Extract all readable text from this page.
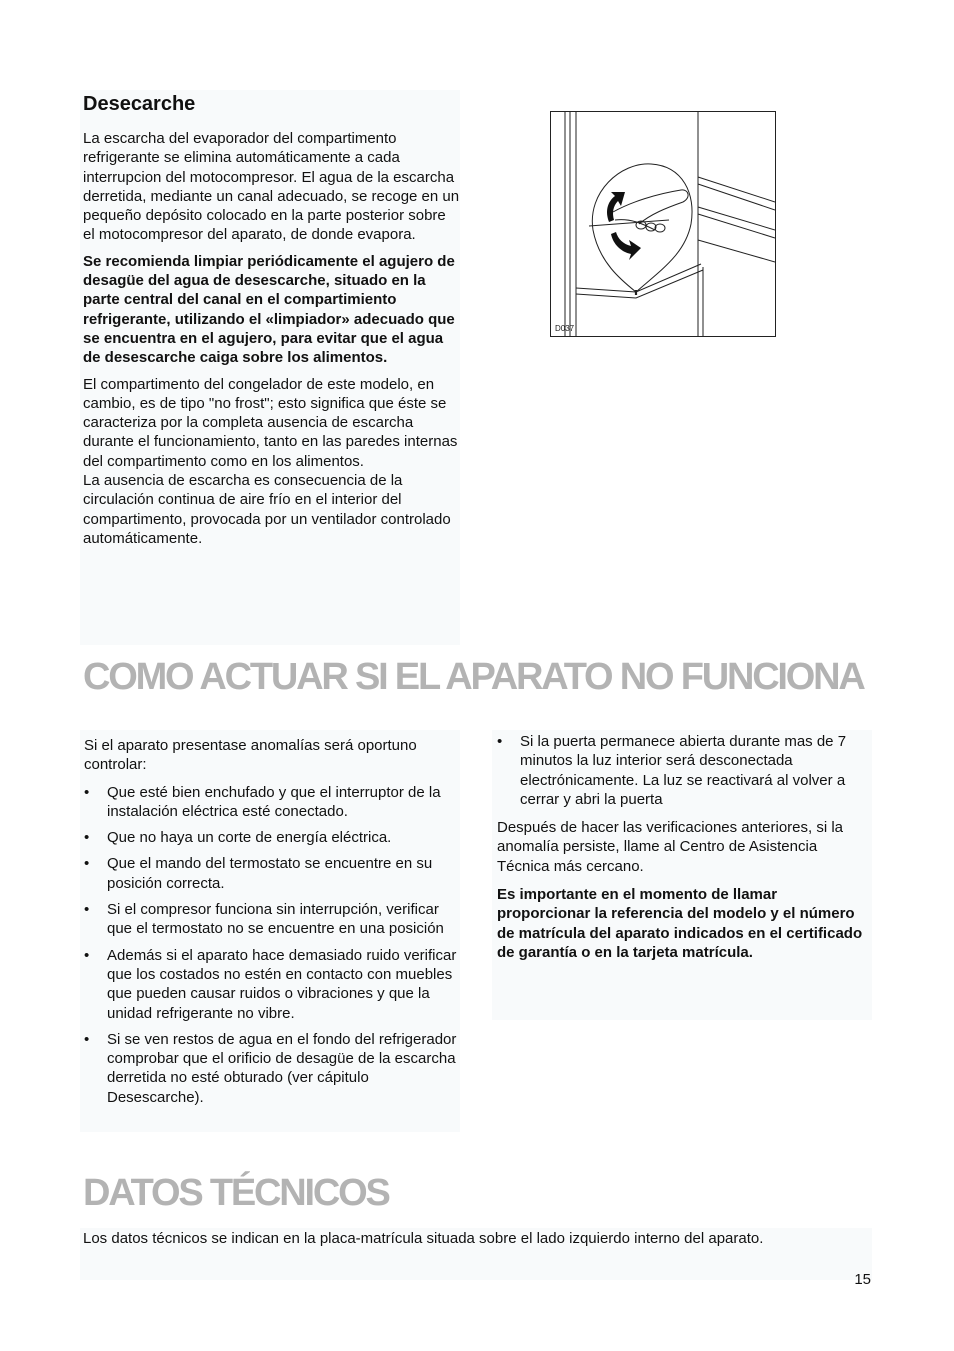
Desecarche

La escarcha del evaporador del compartimento refrigerante se elimina automáticamente a cada interrupcion del motocompresor. El agua de la escarcha derretida, mediante un canal adecuado, se recoge en un pequeño depósito colocado en la parte posterior sobre el motocompresor del aparato, de donde evapora.

Se recomienda limpiar periódicamente el agujero de desagüe del agua de desescarche, situado en la parte central del canal en el compartimiento refrigerante, utilizando el «limpiador» adecuado que se encuentra en el agujero, para evitar que el agua de desescarche caiga sobre los alimentos.

El compartimento del congelador de este modelo, en cambio, es de tipo "no frost"; esto significa que éste se caracteriza por la completa ausencia de escarcha durante el funcionamiento, tanto en las paredes internas del compartimento como en los alimentos.

La ausencia de escarcha es consecuencia de la circulación continua de aire frío en el interior del compartimento, provocada por un ventilador controlado automáticamente.

D037
COMO ACTUAR SI EL APARATO NO FUNCIONA

Si el aparato presentase anomalías será oportuno controlar:

• Que esté bien enchufado y que el interruptor de la instalación eléctrica esté conectado.
• Que no haya un corte de energía eléctrica.
• Que el mando del termostato se encuentre en su posición correcta.
• Si el compresor funciona sin interrupción, verificar que el termostato no se encuentre en una posición
• Además si el aparato hace demasiado ruido verificar que los costados no estén en contacto con muebles que pueden causar ruidos o vibraciones y que la unidad refrigerante no vibre.
• Si se ven restos de agua en el fondo del refrigerador comprobar que el orificio de desagüe de la escarcha derretida no esté obturado (ver cápitulo Desescarche).
• Si la puerta permanece abierta durante mas de 7 minutos la luz interior será desconectada electrónicamente. La luz se reactivará al volver a cerrar y abri la puerta

Después de hacer las verificaciones anteriores, si la anomalía persiste, llame al Centro de Asistencia Técnica más cercano.

Es importante en el momento de llamar proporcionar la referencia del modelo y el número de matrícula del aparato indicados en el certificado de garantía o en la tarjeta matrícula.

DATOS TÉCNICOS
Los datos técnicos se indican en la placa-matrícula situada sobre el lado izquierdo interno del aparato.
15
